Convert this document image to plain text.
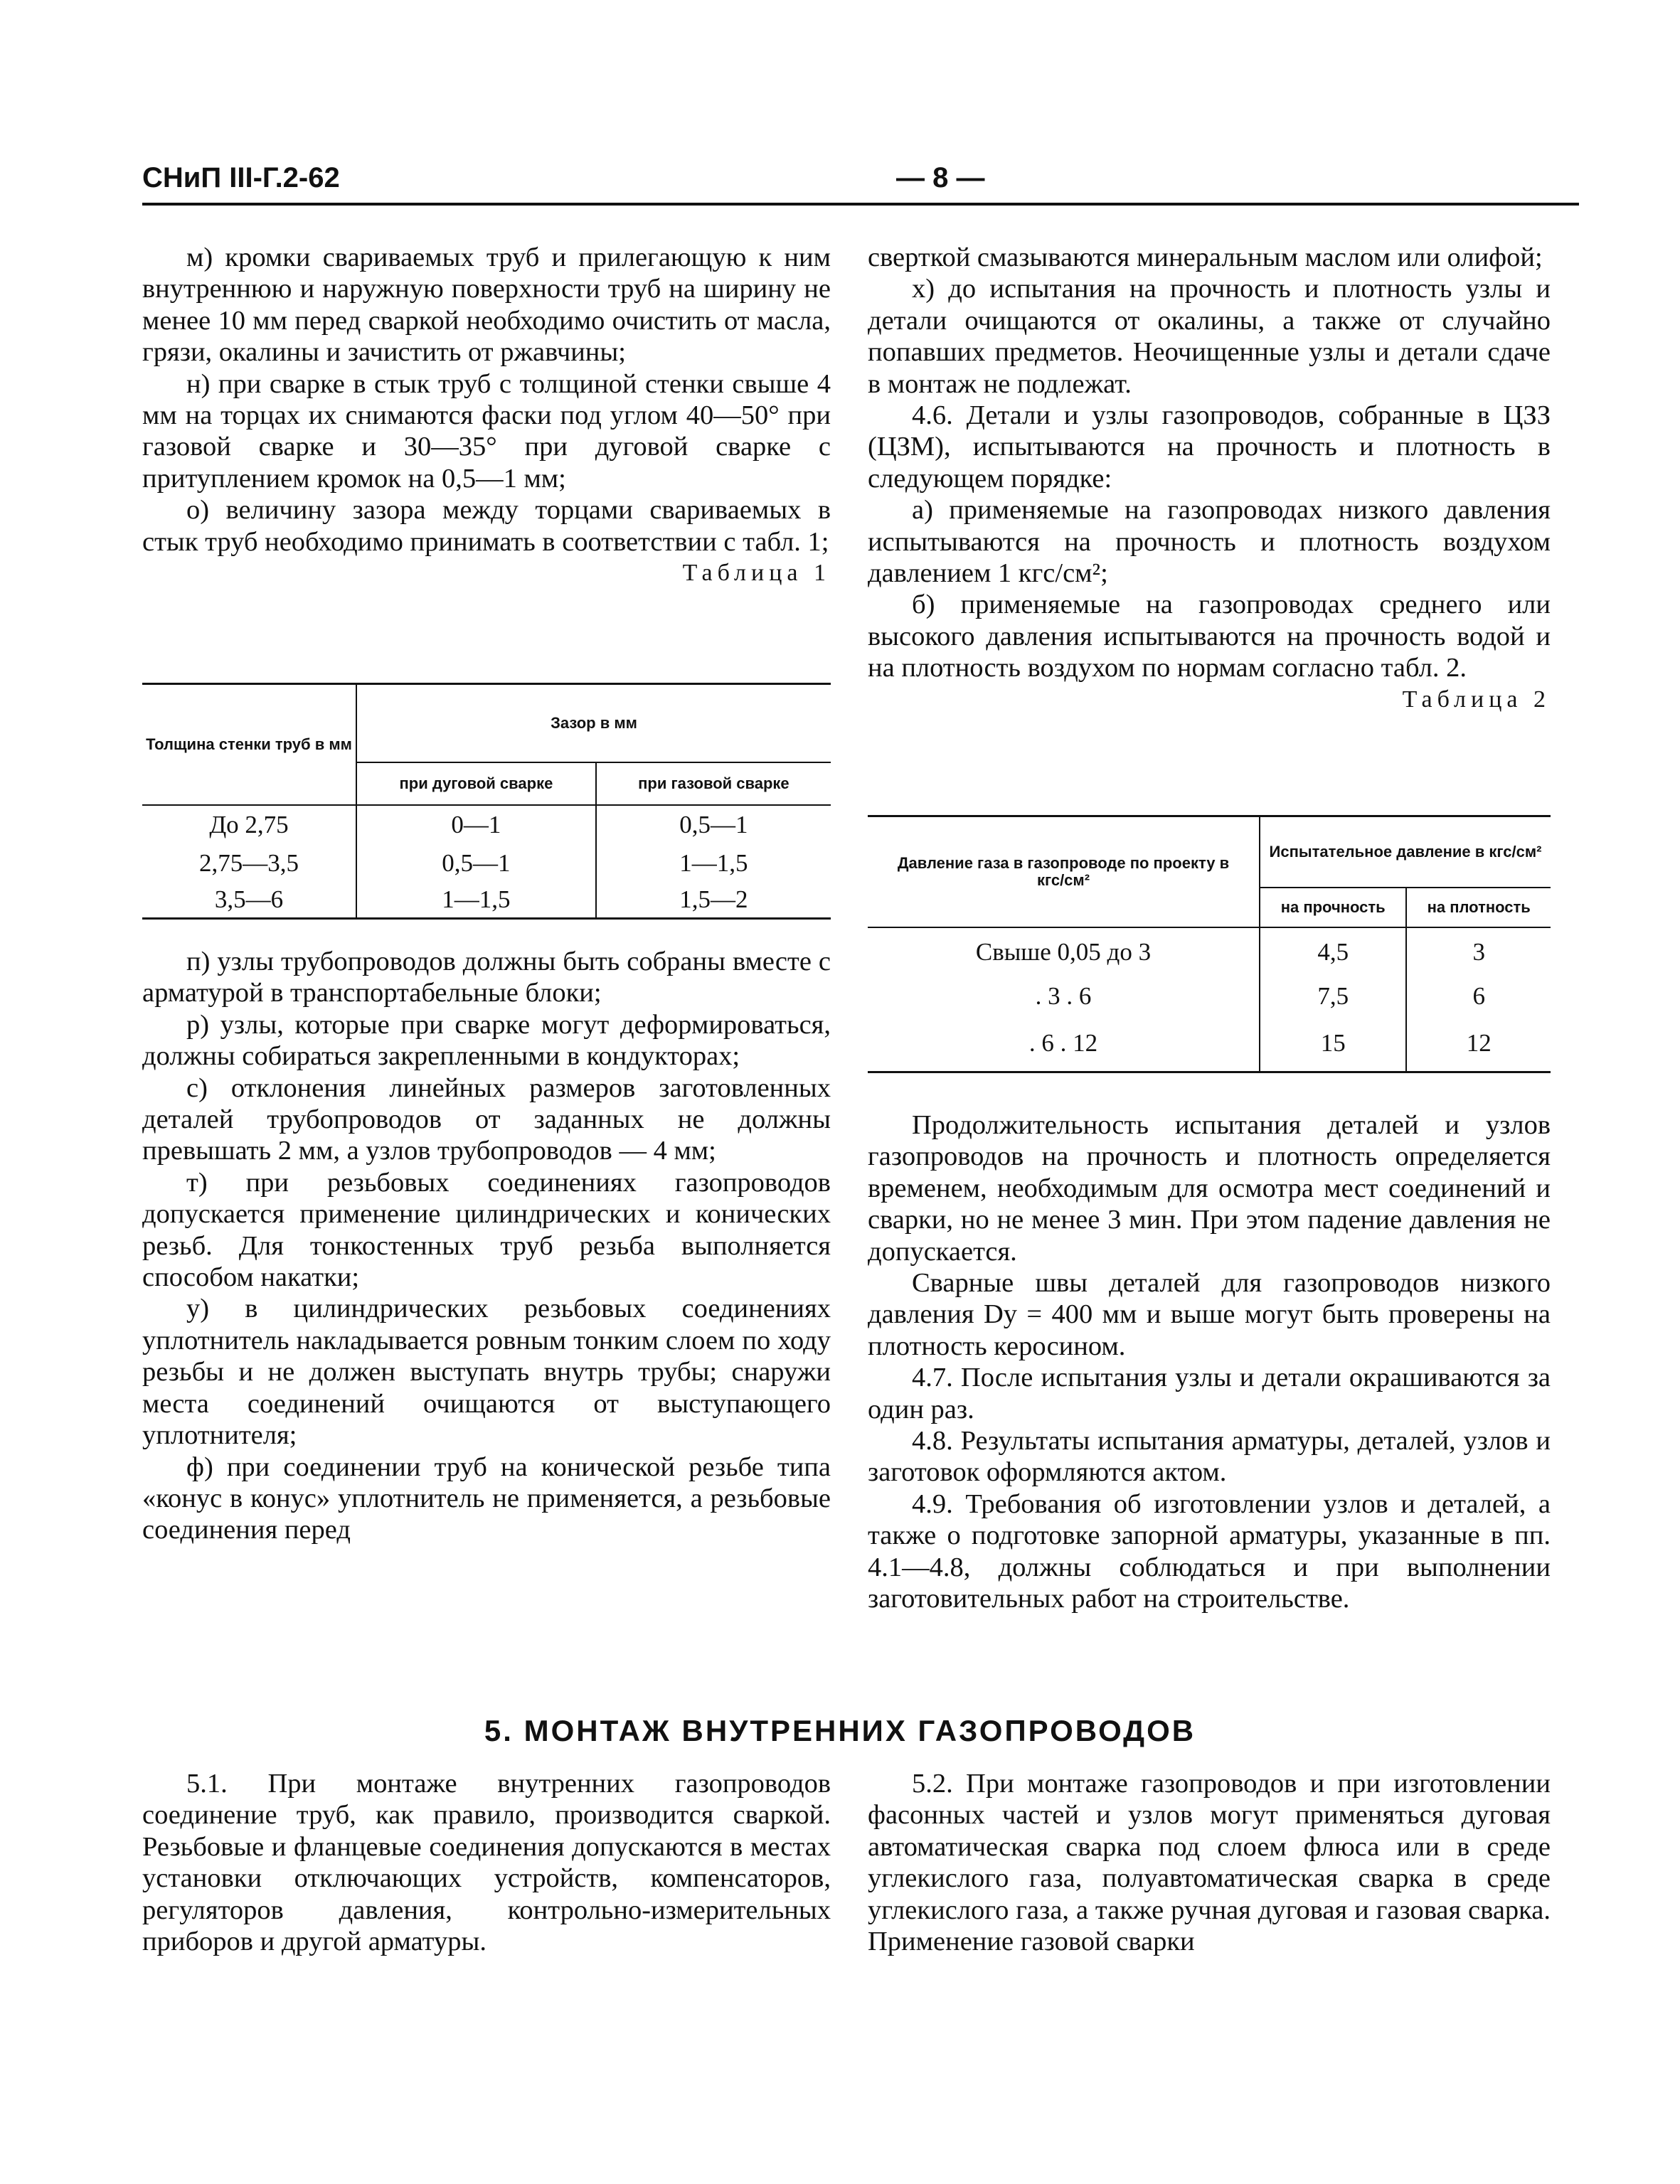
СНиП III-Г.2-62	— 8 —

м) кромки свариваемых труб и прилегающую к ним внутреннюю и наружную поверхности труб на ширину не менее 10 мм перед сваркой необходимо очистить от масла, грязи, окалины и зачистить от ржавчины;

н) при сварке в стык труб с толщиной стенки свыше 4 мм на торцах их снимаются фаски под углом 40—50° при газовой сварке и 30—35° при дуговой сварке с притуплением кромок на 0,5—1 мм;

о) величину зазора между торцами свариваемых в стык труб необходимо принимать в соответствии с табл. 1;

Таблица 1
Толщина стенки труб в мм	Зазор в мм	
	при дуговой сварке	при газовой сварке
До 2,75	0—1	0,5—1
2,75—3,5	0,5—1	1—1,5
3,5—6	1—1,5	1,5—2

п) узлы трубопроводов должны быть собраны вместе с арматурой в транспортабельные блоки;

р) узлы, которые при сварке могут деформироваться, должны собираться закрепленными в кондукторах;

с) отклонения линейных размеров заготовленных деталей трубопроводов от заданных не должны превышать 2 мм, а узлов трубопроводов — 4 мм;

т) при резьбовых соединениях газопроводов допускается применение цилиндрических и конических резьб. Для тонкостенных труб резьба выполняется способом накатки;

у) в цилиндрических резьбовых соединениях уплотнитель накладывается ровным тонким слоем по ходу резьбы и не должен выступать внутрь трубы; снаружи места соединений очищаются от выступающего уплотнителя;

ф) при соединении труб на конической резьбе типа «конус в конус» уплотнитель не применяется, а резьбовые соединения перед

сверткой смазываются минеральным маслом или олифой;

х) до испытания на прочность и плотность узлы и детали очищаются от окалины, а также от случайно попавших предметов. Неочищенные узлы и детали сдаче в монтаж не подлежат.

4.6. Детали и узлы газопроводов, собранные в ЦЗЗ (ЦЗМ), испытываются на прочность и плотность в следующем порядке:

а) применяемые на газопроводах низкого давления испытываются на прочность и плотность воздухом давлением 1 кгс/см²;

б) применяемые на газопроводах среднего или высокого давления испытываются на прочность водой и на плотность воздухом по нормам согласно табл. 2.

Таблица 2
Давление газа в газопроводе по проекту в кгс/см²	Испытательное давление в кгс/см²	
	на прочность	на плотность
Свыше 0,05 до 3	4,5	3
. 3 . 6	7,5	6
. 6 . 12	15	12

Продолжительность испытания деталей и узлов газопроводов на прочность и плотность определяется временем, необходимым для осмотра мест соединений и сварки, но не менее 3 мин. При этом падение давления не допускается.

Сварные швы деталей для газопроводов низкого давления Dy = 400 мм и выше могут быть проверены на плотность керосином.

4.7. После испытания узлы и детали окрашиваются за один раз.

4.8. Результаты испытания арматуры, деталей, узлов и заготовок оформляются актом.

4.9. Требования об изготовлении узлов и деталей, а также о подготовке запорной арматуры, указанные в пп. 4.1—4.8, должны соблюдаться и при выполнении заготовительных работ на строительстве.

5. МОНТАЖ ВНУТРЕННИХ ГАЗОПРОВОДОВ

5.1. При монтаже внутренних газопроводов соединение труб, как правило, производится сваркой. Резьбовые и фланцевые соединения допускаются в местах установки отключающих устройств, компенсаторов, регуляторов давления, контрольно-измерительных приборов и другой арматуры.

5.2. При монтаже газопроводов и при изготовлении фасонных частей и узлов могут применяться дуговая автоматическая сварка под слоем флюса или в среде углекислого газа, полуавтоматическая сварка в среде углекислого газа, а также ручная дуговая и газовая сварка. Применение газовой сварки
